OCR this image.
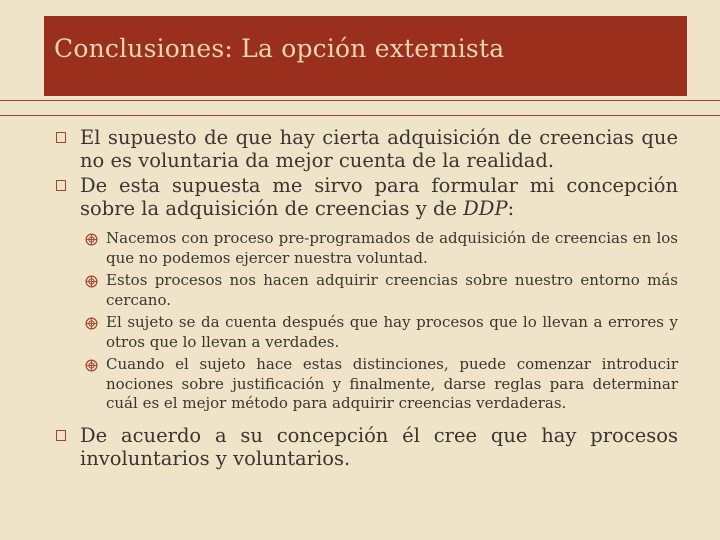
Conclusiones: La opción externista

El supuesto de que hay cierta adquisición de creencias que no es voluntaria da mejor cuenta de la realidad.

De esta supuesta me sirvo para formular mi concepción sobre la adquisición de creencias y de DDP:

Nacemos con proceso pre-programados de adquisición de creencias en los que no podemos ejercer nuestra voluntad.

Estos procesos nos hacen adquirir creencias sobre nuestro entorno más cercano.

El sujeto se da cuenta después que hay procesos que lo llevan a errores y otros que lo llevan a verdades.

Cuando el sujeto hace estas distinciones, puede comenzar introducir nociones sobre justificación y finalmente, darse reglas para determinar cuál es el mejor método para adquirir creencias verdaderas.

De acuerdo a su concepción él cree que hay procesos involuntarios y voluntarios.
